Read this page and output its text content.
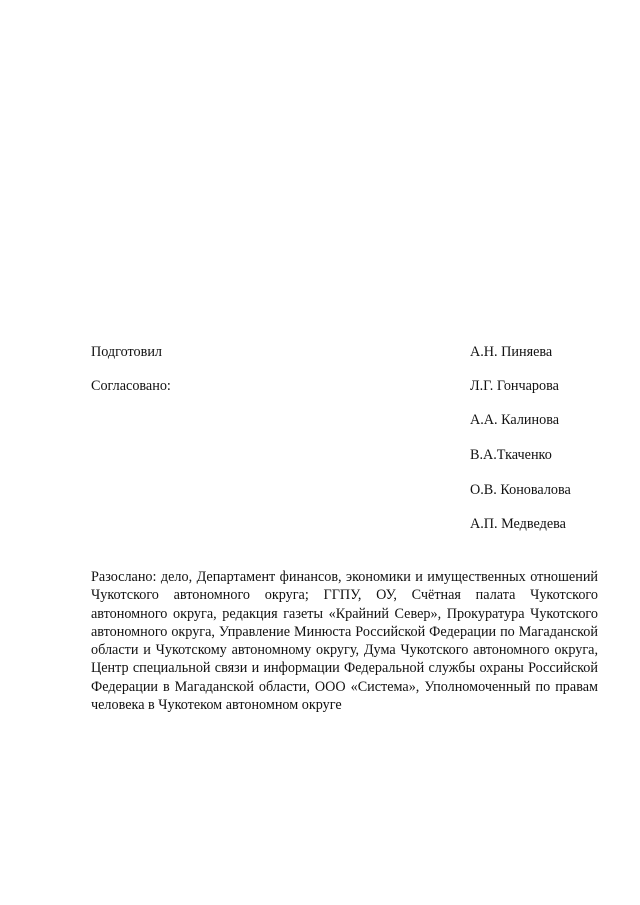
Подготовил	А.Н. Пиняева
Согласовано:	Л.Г. Гончарова
А.А. Калинова
В.А.Ткаченко
О.В. Коновалова
А.П. Медведева

Разослано: дело, Департамент финансов, экономики и имущественных отношений Чукотского автономного округа; ГГПУ, ОУ, Счётная палата Чукотского автономного округа, редакция газеты «Крайний Север», Прокуратура Чукотского автономного округа, Управление Минюста Российской Федерации по Магаданской области и Чукотскому автономному округу, Дума Чукотского автономного округа, Центр специальной связи и информации Федеральной службы охраны Российской Федерации в Магаданской области, ООО «Система», Уполномоченный по правам человека в Чукотеком автономном округе
